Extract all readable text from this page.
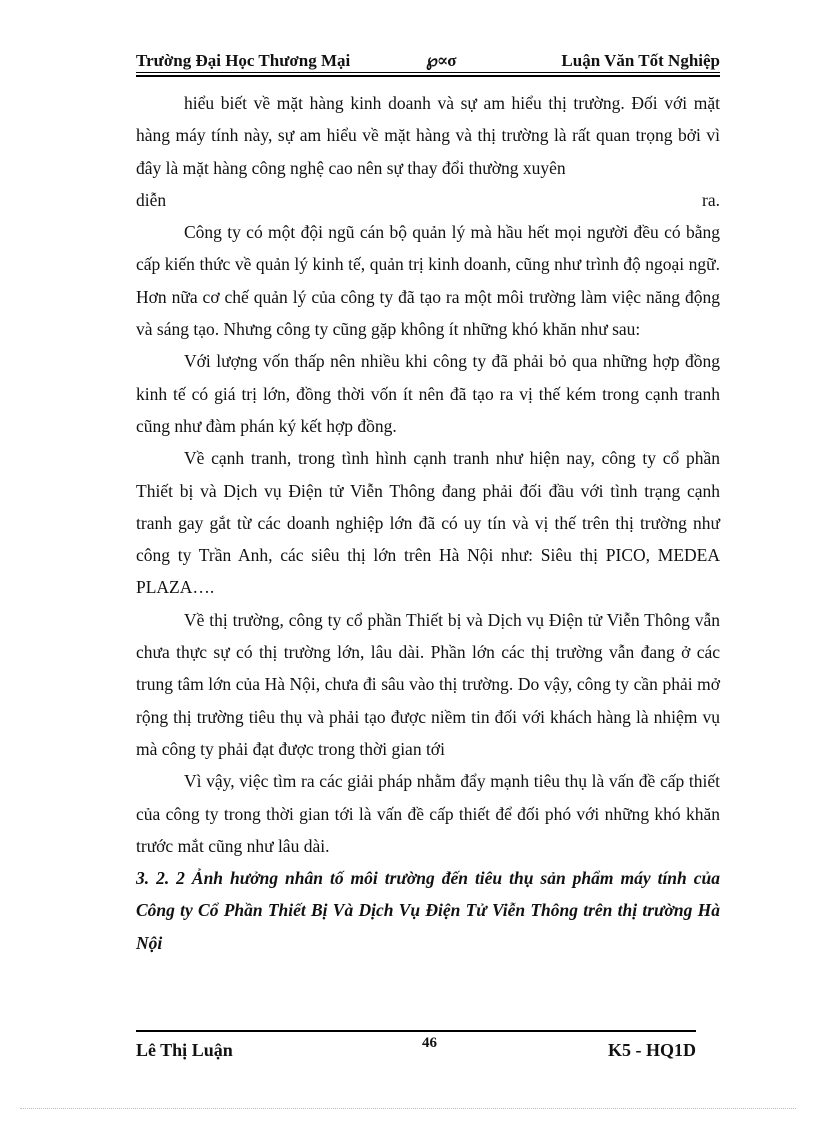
Trường Đại Học Thương Mại	℘∝σ	Luận Văn Tốt Nghiệp

hiểu biết về mặt hàng kinh doanh và sự am hiểu thị trường. Đối với mặt hàng máy tính này, sự am hiểu về mặt hàng và thị trường là rất quan trọng bởi vì đây là mặt hàng công nghệ cao nên sự thay đổi thường xuyên

diễn	ra.

Công ty có một đội ngũ cán bộ quản lý mà hầu hết mọi người đều có bằng cấp kiến thức về quản lý kinh tế, quản trị kinh doanh, cũng như trình độ ngoại ngữ. Hơn nữa cơ chế quản lý của công ty đã tạo ra một môi trường làm việc năng động và sáng tạo. Nhưng công ty cũng gặp không ít những khó khăn như sau:

Với lượng vốn thấp nên nhiều khi công ty đã phải bỏ qua những hợp đồng kinh tế có giá trị lớn, đồng thời vốn ít nên đã tạo ra vị thế kém trong cạnh tranh cũng như đàm phán ký kết hợp đồng.

Về cạnh tranh, trong tình hình cạnh tranh như hiện nay, công ty cổ phần Thiết bị và Dịch vụ Điện tử Viễn Thông đang phải đối đầu với tình trạng cạnh tranh gay gắt từ các doanh nghiệp lớn đã có uy tín và vị thế trên thị trường như công ty Trần Anh, các siêu thị lớn trên Hà Nội như: Siêu thị PICO, MEDEA PLAZA….

Về thị trường, công ty cổ phần Thiết bị và Dịch vụ Điện tử Viễn Thông vẫn chưa thực sự có thị trường lớn, lâu dài. Phần lớn các thị trường vẫn đang ở các trung tâm lớn của Hà Nội, chưa đi sâu vào thị trường. Do vậy, công ty cần phải mở rộng thị trường tiêu thụ và phải tạo được niềm tin đối với khách hàng là nhiệm vụ mà công ty phải đạt được trong thời gian tới

Vì vậy, việc tìm ra các giải pháp nhằm đẩy mạnh tiêu thụ là vấn đề cấp thiết của công ty trong thời gian tới là vấn đề cấp thiết để đối phó với những khó khăn trước mắt cũng như lâu dài.

3. 2. 2 Ảnh hưởng nhân tố môi trường đến tiêu thụ sản phẩm máy tính của Công ty Cổ Phần Thiết Bị Và Dịch Vụ Điện Tử Viễn Thông trên thị trường Hà Nội

Lê Thị Luận	46	K5 - HQ1D
